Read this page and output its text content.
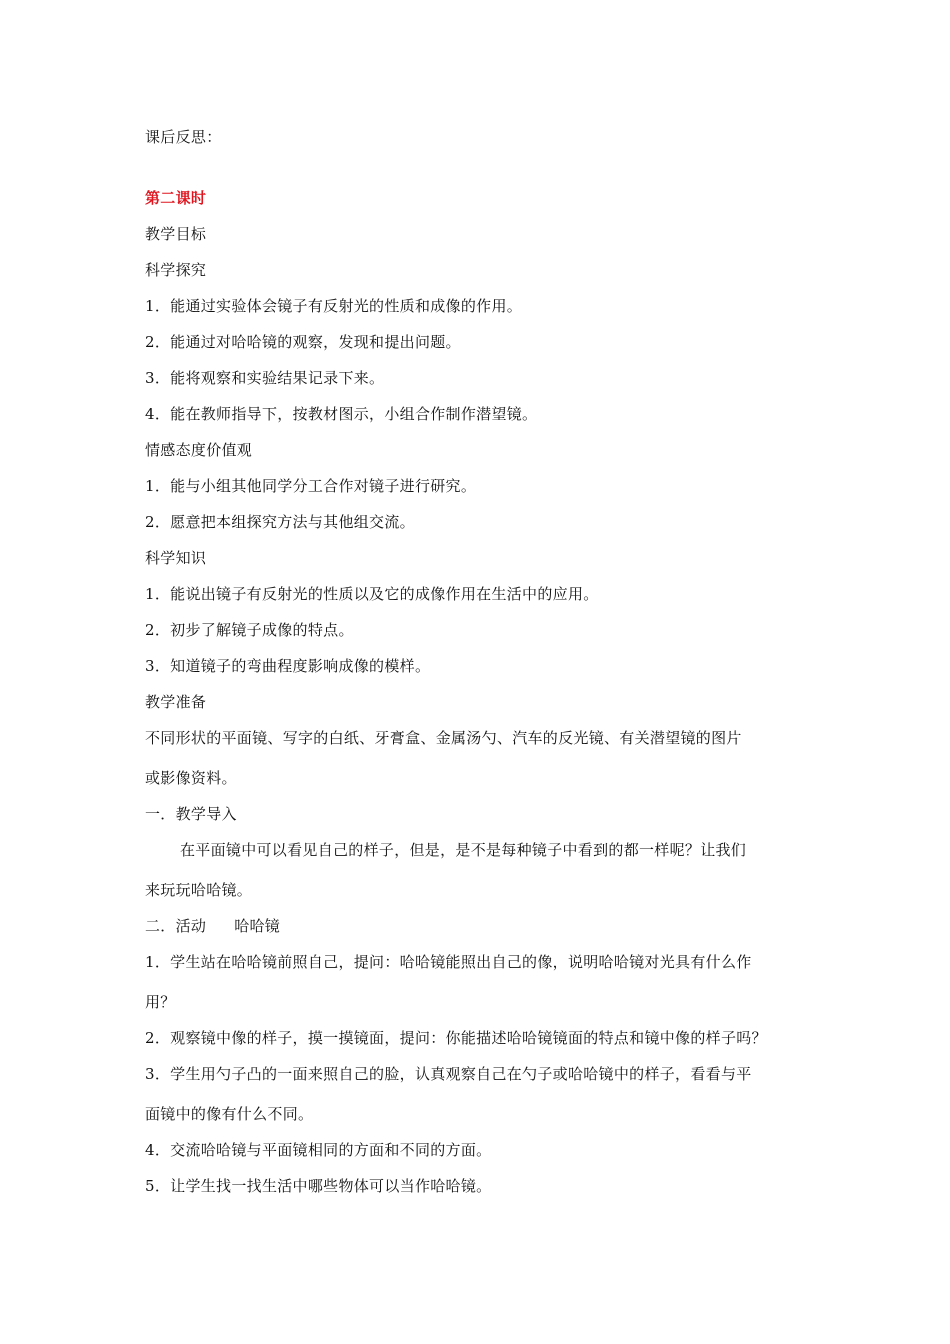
课后反思：
第二课时
教学目标
科学探究
1．能通过实验体会镜子有反射光的性质和成像的作用。
2．能通过对哈哈镜的观察，发现和提出问题。
3．能将观察和实验结果记录下来。
4．能在教师指导下，按教材图示，小组合作制作潜望镜。
情感态度价值观
1．能与小组其他同学分工合作对镜子进行研究。
2．愿意把本组探究方法与其他组交流。
科学知识
1．能说出镜子有反射光的性质以及它的成像作用在生活中的应用。
2．初步了解镜子成像的特点。
3．知道镜子的弯曲程度影响成像的模样。
教学准备
不同形状的平面镜、写字的白纸、牙膏盒、金属汤勺、汽车的反光镜、有关潜望镜的图片
或影像资料。
一．教学导入
在平面镜中可以看见自己的样子，但是，是不是每种镜子中看到的都一样呢？让我们
来玩玩哈哈镜。
二．活动 哈哈镜
1．学生站在哈哈镜前照自己，提问：哈哈镜能照出自己的像，说明哈哈镜对光具有什么作
用？
2．观察镜中像的样子，摸一摸镜面，提问：你能描述哈哈镜镜面的特点和镜中像的样子吗？
3．学生用勺子凸的一面来照自己的脸，认真观察自己在勺子或哈哈镜中的样子，看看与平
面镜中的像有什么不同。
4．交流哈哈镜与平面镜相同的方面和不同的方面。
5．让学生找一找生活中哪些物体可以当作哈哈镜。
